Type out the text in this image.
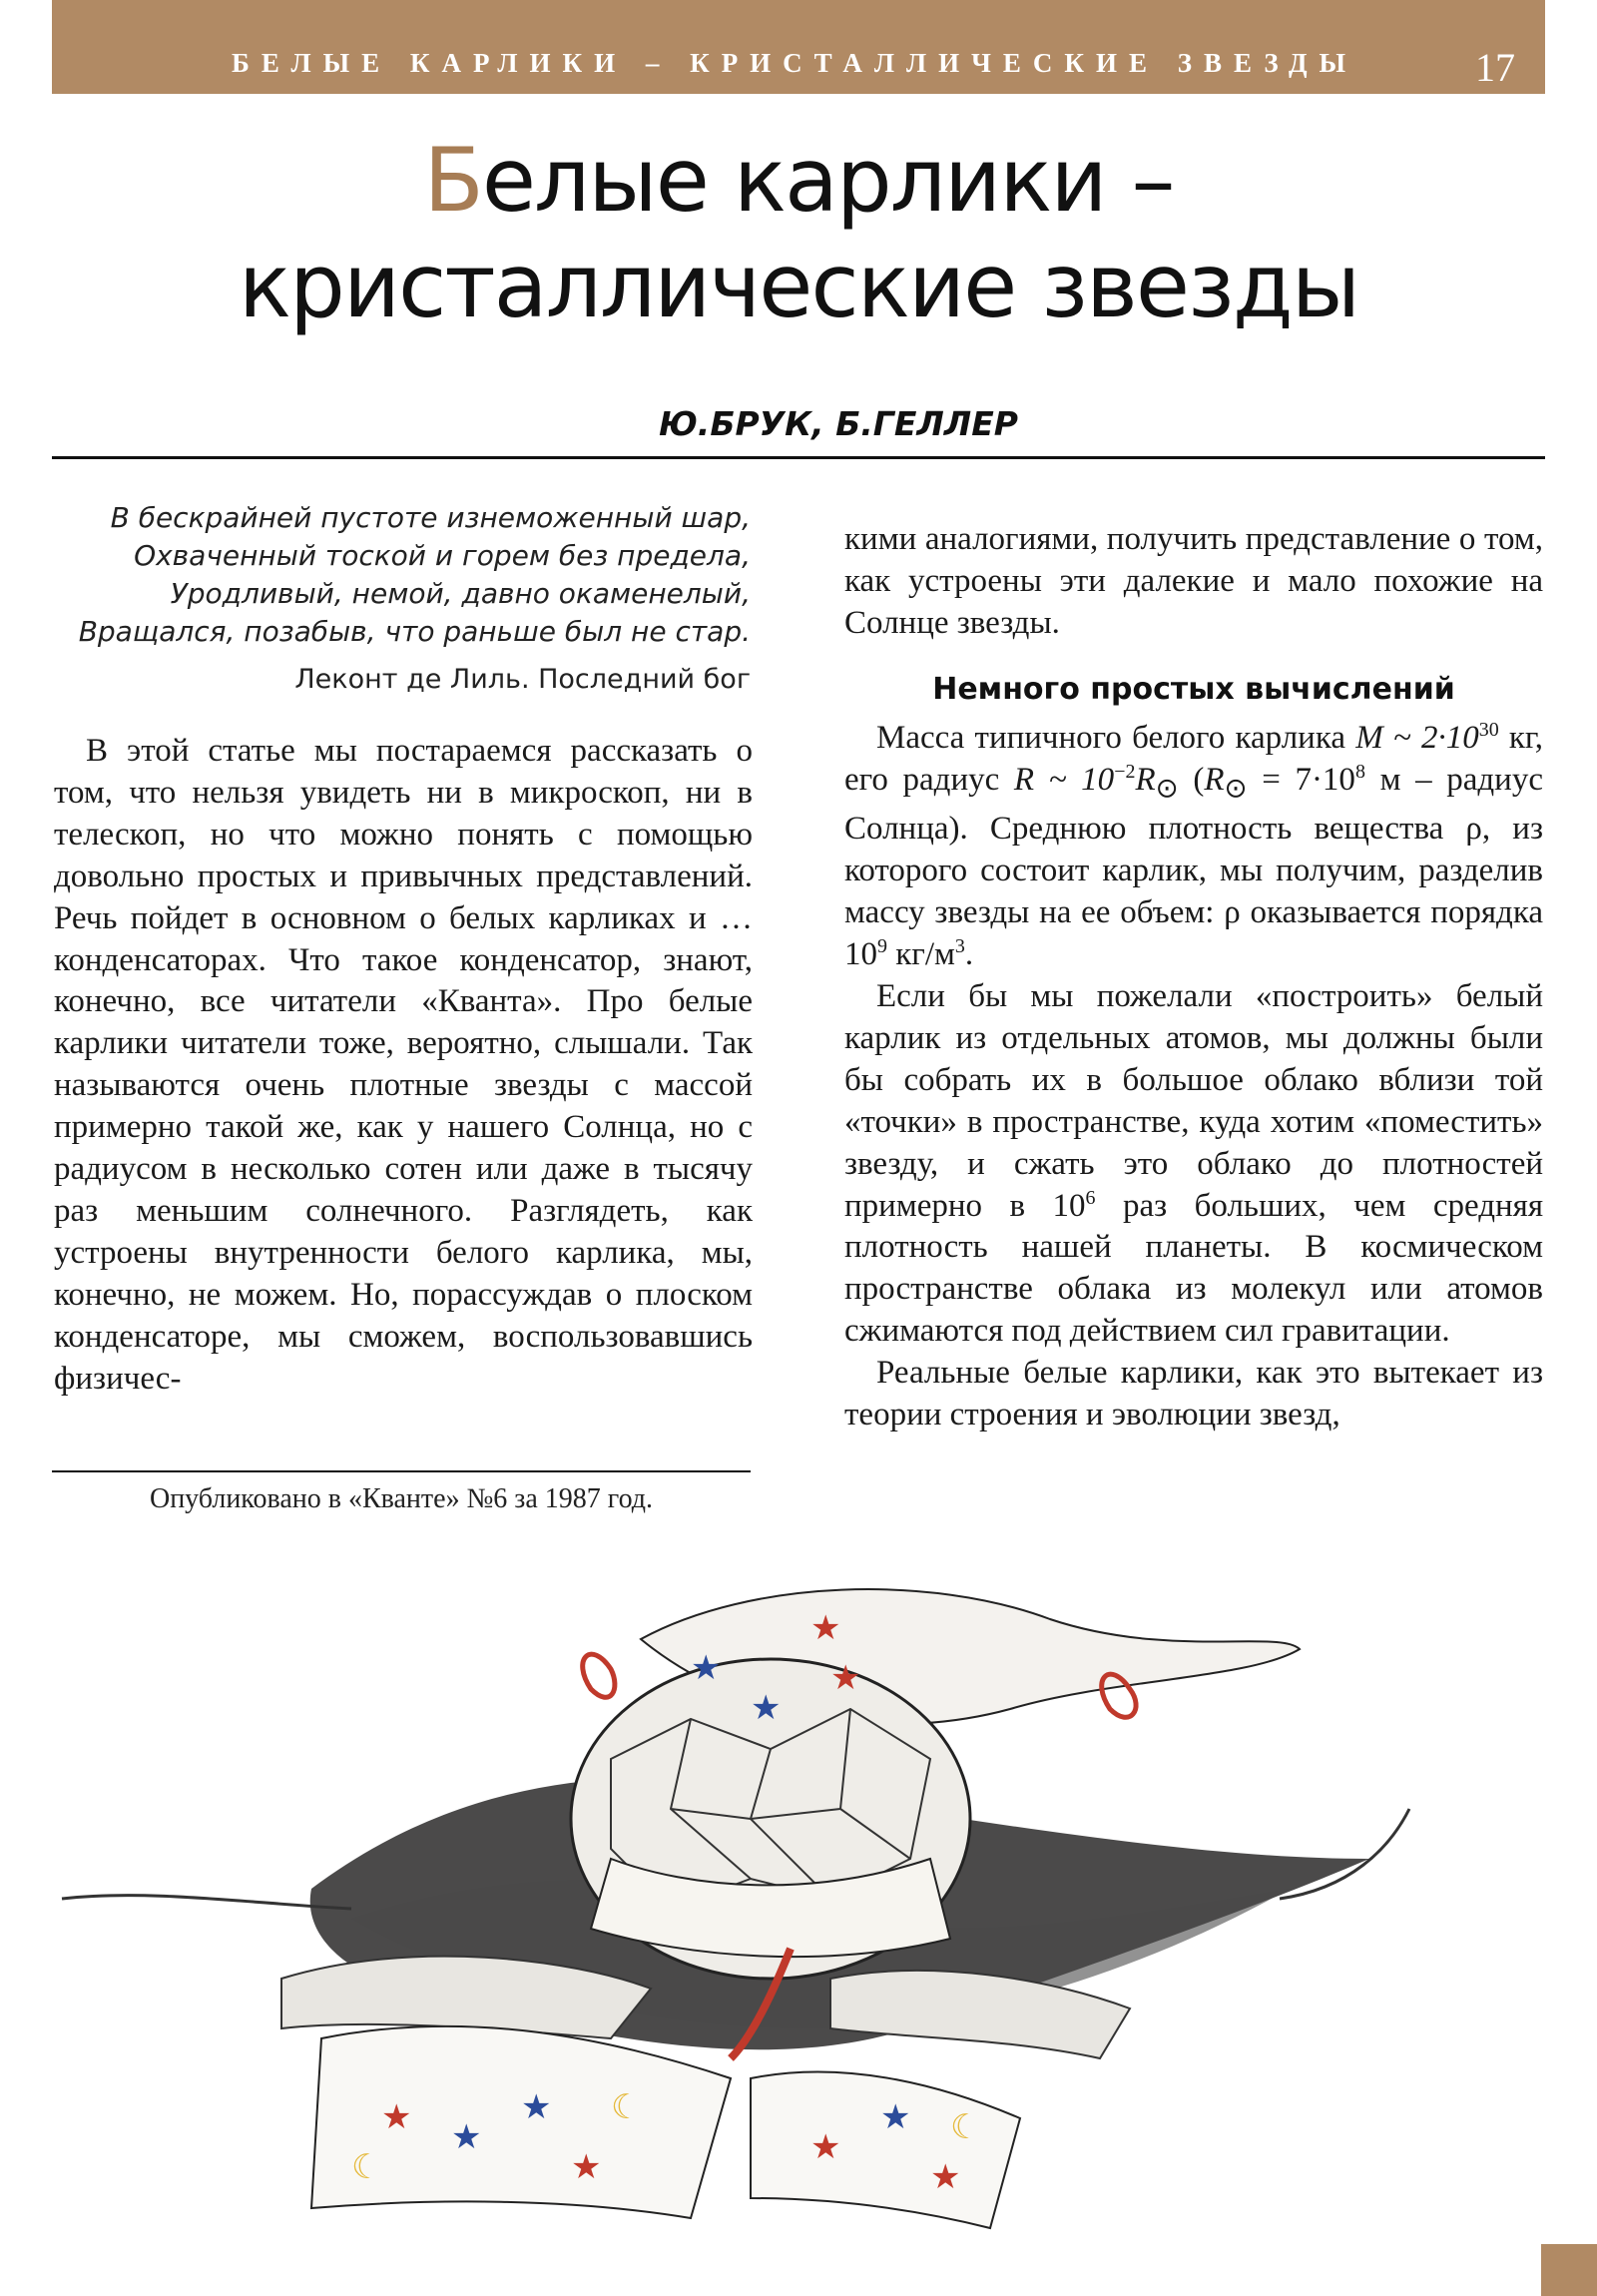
БЕЛЫЕ КАРЛИКИ – КРИСТАЛЛИЧЕСКИЕ ЗВЕЗДЫ	17
Белые карлики –
кристаллические звезды
Ю.БРУК, Б.ГЕЛЛЕР
В бескрайней пустоте изнеможенный шар,
Охваченный тоской и горем без предела,
Уродливый, немой, давно окаменелый,
Вращался, позабыв, что раньше был не стар.
Леконт де Лиль. Последний бог

В этой статье мы постараемся рассказать о том, что нельзя увидеть ни в микроскоп, ни в телескоп, но что можно понять с помощью довольно простых и привычных представлений. Речь пойдет в основном о белых карликах и … конденсаторах. Что такое конденсатор, знают, конечно, все читатели «Кванта». Про белые карлики читатели тоже, вероятно, слышали. Так называются очень плотные звезды с массой примерно такой же, как у нашего Солнца, но с радиусом в несколько сотен или даже в тысячу раз меньшим солнечного. Разглядеть, как устроены внутренности белого карлика, мы, конечно, не можем. Но, порассуждав о плоском конденсаторе, мы сможем, воспользовавшись физичес-

Опубликовано в «Кванте» №6 за 1987 год.

кими аналогиями, получить представление о том, как устроены эти далекие и мало похожие на Солнце звезды.

Немного простых вычислений

Масса типичного белого карлика M ~ $2\cdot 10^{30}$ кг, его радиус R ~ $10^{-2}R_⊙$ ($R_⊙ = 7\cdot 10^8$ м – радиус Солнца). Среднюю плотность вещества ρ, из которого состоит карлик, мы получим, разделив массу звезды на ее объем: ρ оказывается порядка $10^9$ $кг/м^3$.

Если бы мы пожелали «построить» белый карлик из отдельных атомов, мы должны были бы собрать их в большое облако вблизи той «точки» в пространстве, куда хотим «поместить» звезду, и сжать это облако до плотностей примерно в $10^6$ раз больших, чем средняя плотность нашей планеты. В космическом пространстве облака из молекул или атомов сжимаются под действием сил гравитации.

Реальные белые карлики, как это вытекает из теории строения и эволюции звезд,

★ ★
★
★	★
★
★
★
★
★
★
☾
☾	☾
